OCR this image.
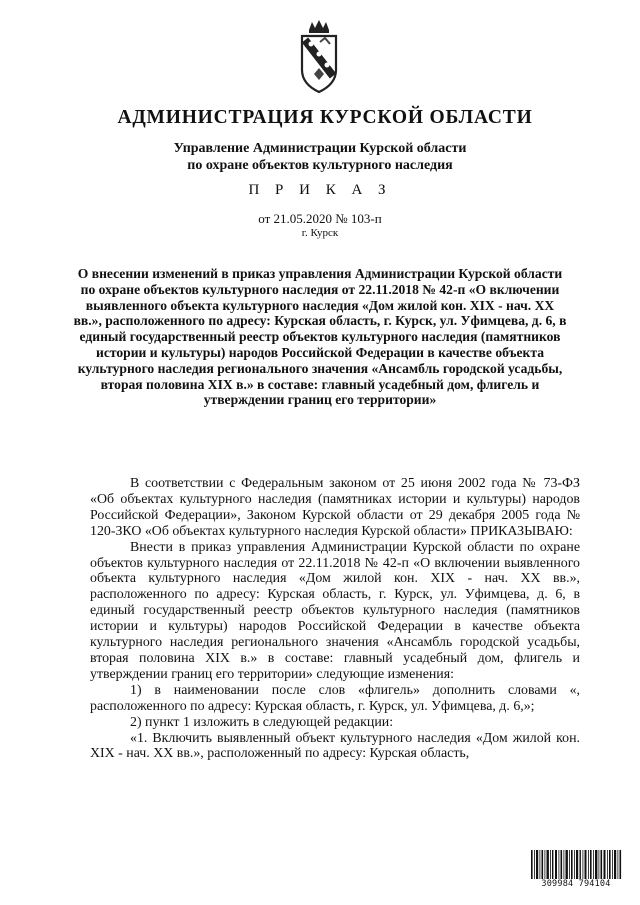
АДМИНИСТРАЦИЯ КУРСКОЙ ОБЛАСТИ
Управление Администрации Курской области
по охране объектов культурного наследия
П Р И К А З
от 21.05.2020 № 103-п
г. Курск

О внесении изменений в приказ управления Администрации Курской области по охране объектов культурного наследия от 22.11.2018 № 42-п «О включении выявленного объекта культурного наследия «Дом жилой кон. XIX - нач. XX вв.», расположенного по адресу: Курская область, г. Курск, ул. Уфимцева, д. 6, в единый государственный реестр объектов культурного наследия (памятников истории и культуры) народов Российской Федерации в качестве объекта культурного наследия регионального значения «Ансамбль городской усадьбы, вторая половина XIX в.» в составе: главный усадебный дом, флигель и утверждении границ его территории»

В соответствии с Федеральным законом от 25 июня 2002 года № 73-ФЗ «Об объектах культурного наследия (памятниках истории и культуры) народов Российской Федерации», Законом Курской области от 29 декабря 2005 года № 120-ЗКО «Об объектах культурного наследия Курской области» ПРИКАЗЫВАЮ:

Внести в приказ управления Администрации Курской области по охране объектов культурного наследия от 22.11.2018 № 42-п «О включении выявленного объекта культурного наследия «Дом жилой кон. XIX - нач. XX вв.», расположенного по адресу: Курская область, г. Курск, ул. Уфимцева, д. 6, в единый государственный реестр объектов культурного наследия (памятников истории и культуры) народов Российской Федерации в качестве объекта культурного наследия регионального значения «Ансамбль городской усадьбы, вторая половина XIX в.» в составе: главный усадебный дом, флигель и утверждении границ его территории» следующие изменения:

1) в наименовании после слов «флигель» дополнить словами «, расположенного по адресу: Курская область, г. Курск, ул. Уфимцева, д. 6,»;

2) пункт 1 изложить в следующей редакции:

«1. Включить выявленный объект культурного наследия «Дом жилой кон. XIX - нач. XX вв.», расположенный по адресу: Курская область,

309984 794104
